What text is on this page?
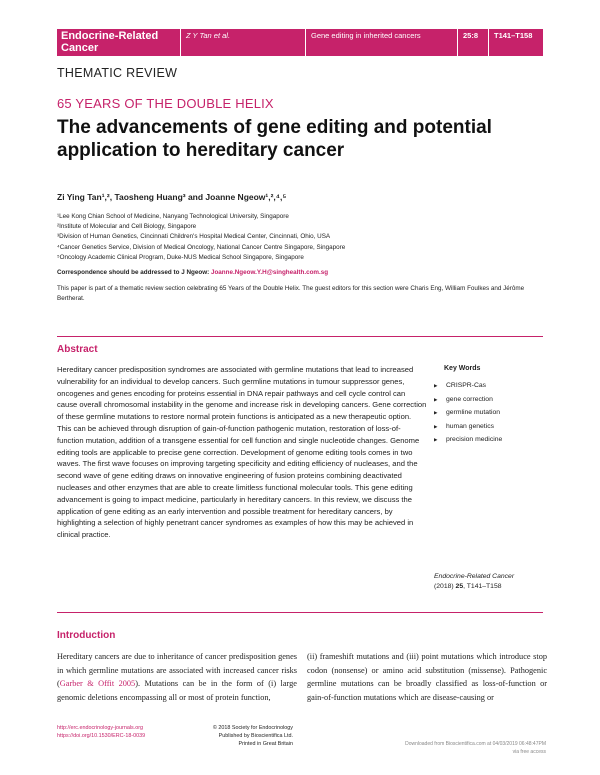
Endocrine-Related
Cancer
Z Y Tan et al.	Gene editing in inherited cancers	25:8	T141–T158
THEMATIC REVIEW
65 YEARS OF THE DOUBLE HELIX
The advancements of gene editing and potential application to hereditary cancer
Zi Ying Tan¹,², Taosheng Huang³ and Joanne Ngeow¹,²,⁴,⁵
¹Lee Kong Chian School of Medicine, Nanyang Technological University, Singapore
²Institute of Molecular and Cell Biology, Singapore
³Division of Human Genetics, Cincinnati Children's Hospital Medical Center, Cincinnati, Ohio, USA
⁴Cancer Genetics Service, Division of Medical Oncology, National Cancer Centre Singapore, Singapore
⁵Oncology Academic Clinical Program, Duke-NUS Medical School Singapore, Singapore
Correspondence should be addressed to J Ngeow: Joanne.Ngeow.Y.H@singhealth.com.sg
This paper is part of a thematic review section celebrating 65 Years of the Double Helix. The guest editors for this section were Charis Eng, William Foulkes and Jérôme Bertherat.
Abstract
Hereditary cancer predisposition syndromes are associated with germline mutations that lead to increased vulnerability for an individual to develop cancers. Such germline mutations in tumour suppressor genes, oncogenes and genes encoding for proteins essential in DNA repair pathways and cell cycle control can cause overall chromosomal instability in the genome and increase risk in developing cancers. Gene correction of these germline mutations to restore normal protein functions is anticipated as a new therapeutic option. This can be achieved through disruption of gain-of-function pathogenic mutation, restoration of loss-of-function mutation, addition of a transgene essential for cell function and single nucleotide changes. Genome editing tools are applicable to precise gene correction. Development of genome editing tools comes in two waves. The first wave focuses on improving targeting specificity and editing efficiency of nucleases, and the second wave of gene editing draws on innovative engineering of fusion proteins combining deactivated nucleases and other enzymes that are able to create limitless functional molecular tools. This gene editing advancement is going to impact medicine, particularly in hereditary cancers. In this review, we discuss the application of gene editing as an early intervention and possible treatment for hereditary cancers, by highlighting a selection of highly penetrant cancer syndromes as examples of how this may be achieved in clinical practice.
Key Words
▶ CRISPR-Cas
▶ gene correction
▶ germline mutation
▶ human genetics
▶ precision medicine
Endocrine-Related Cancer
(2018) 25, T141–T158
Introduction
Hereditary cancers are due to inheritance of cancer predisposition genes in which germline mutations are associated with increased cancer risks (Garber & Offit 2005). Mutations can be in the form of (i) large genomic deletions encompassing all or most of protein function,
(ii) frameshift mutations and (iii) point mutations which introduce stop codon (nonsense) or amino acid substitution (missense). Pathogenic germline mutations can be broadly classified as loss-of-function or gain-of-function mutations which are disease-causing or
http://erc.endocrinology-journals.org
https://doi.org/10.1530/ERC-18-0039
© 2018 Society for Endocrinology
Published by Bioscientifica Ltd.
Printed in Great Britain	Downloaded from Bioscientifica.com at 04/03/2019 06:48:47PM
via free access
